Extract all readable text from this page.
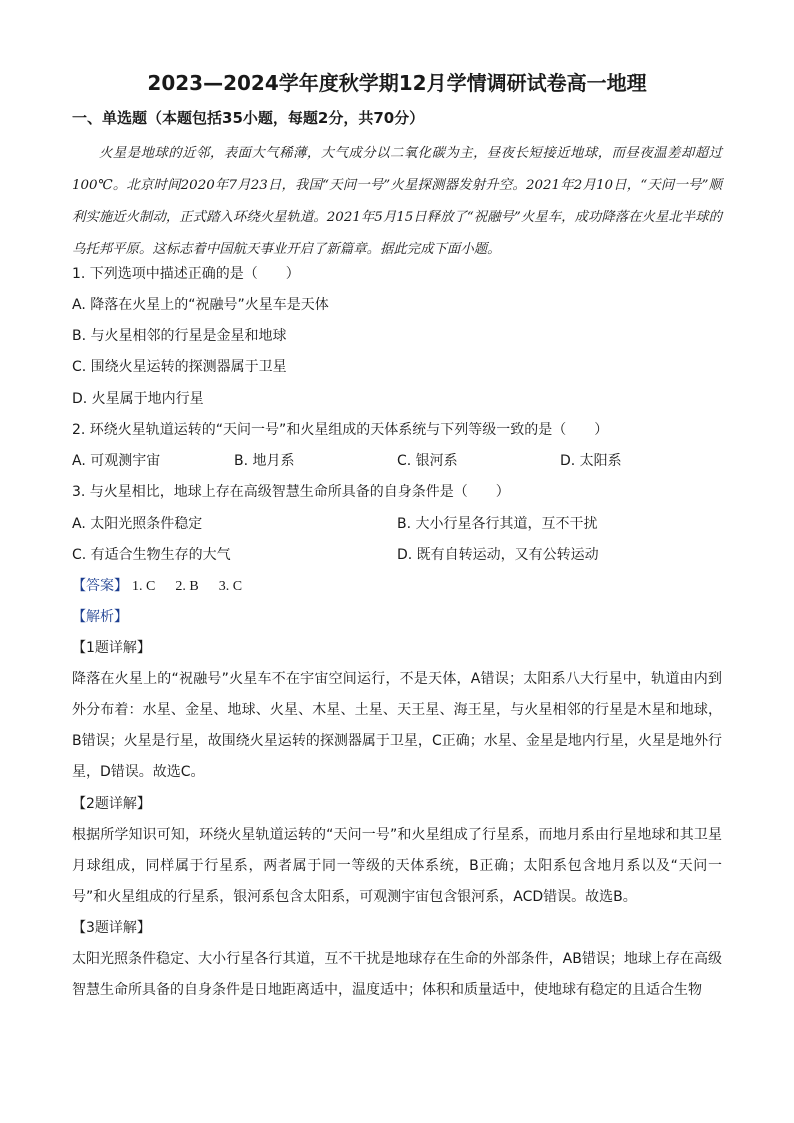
2023—2024学年度秋学期12月学情调研试卷高一地理
一、单选题（本题包括35小题，每题2分，共70分）
火星是地球的近邻，表面大气稀薄，大气成分以二氧化碳为主，昼夜长短接近地球，而昼夜温差却超过100℃。北京时间2020年7月23日，我国“天问一号”火星探测器发射升空。2021年2月10日，“天问一号”顺利实施近火制动，正式踏入环绕火星轨道。2021年5月15日释放了“祝融号”火星车，成功降落在火星北半球的乌托邦平原。这标志着中国航天事业开启了新篇章。据此完成下面小题。
1. 下列选项中描述正确的是（　　）
A. 降落在火星上的“祝融号”火星车是天体
B. 与火星相邻的行星是金星和地球
C. 围绕火星运转的探测器属于卫星
D. 火星属于地内行星
2. 环绕火星轨道运转的“天问一号”和火星组成的天体系统与下列等级一致的是（　　）
A. 可观测宇宙	B. 地月系	C. 银河系	D. 太阳系
3. 与火星相比，地球上存在高级智慧生命所具备的自身条件是（　　）
A. 太阳光照条件稳定	B. 大小行星各行其道，互不干扰
C. 有适合生物生存的大气	D. 既有自转运动，又有公转运动
【答案】 1. C 2. B 3. C
【解析】
【1题详解】
降落在火星上的“祝融号”火星车不在宇宙空间运行，不是天体，A错误；太阳系八大行星中，轨道由内到外分布着：水星、金星、地球、火星、木星、土星、天王星、海王星，与火星相邻的行星是木星和地球，B错误；火星是行星，故围绕火星运转的探测器属于卫星，C正确；水星、金星是地内行星，火星是地外行星，D错误。故选C。
【2题详解】
根据所学知识可知，环绕火星轨道运转的“天问一号”和火星组成了行星系，而地月系由行星地球和其卫星月球组成，同样属于行星系，两者属于同一等级的天体系统，B正确；太阳系包含地月系以及“天问一号”和火星组成的行星系，银河系包含太阳系，可观测宇宙包含银河系，ACD错误。故选B。
【3题详解】
太阳光照条件稳定、大小行星各行其道，互不干扰是地球存在生命的外部条件，AB错误；地球上存在高级智慧生命所具备的自身条件是日地距离适中，温度适中；体积和质量适中，使地球有稳定的且适合生物
